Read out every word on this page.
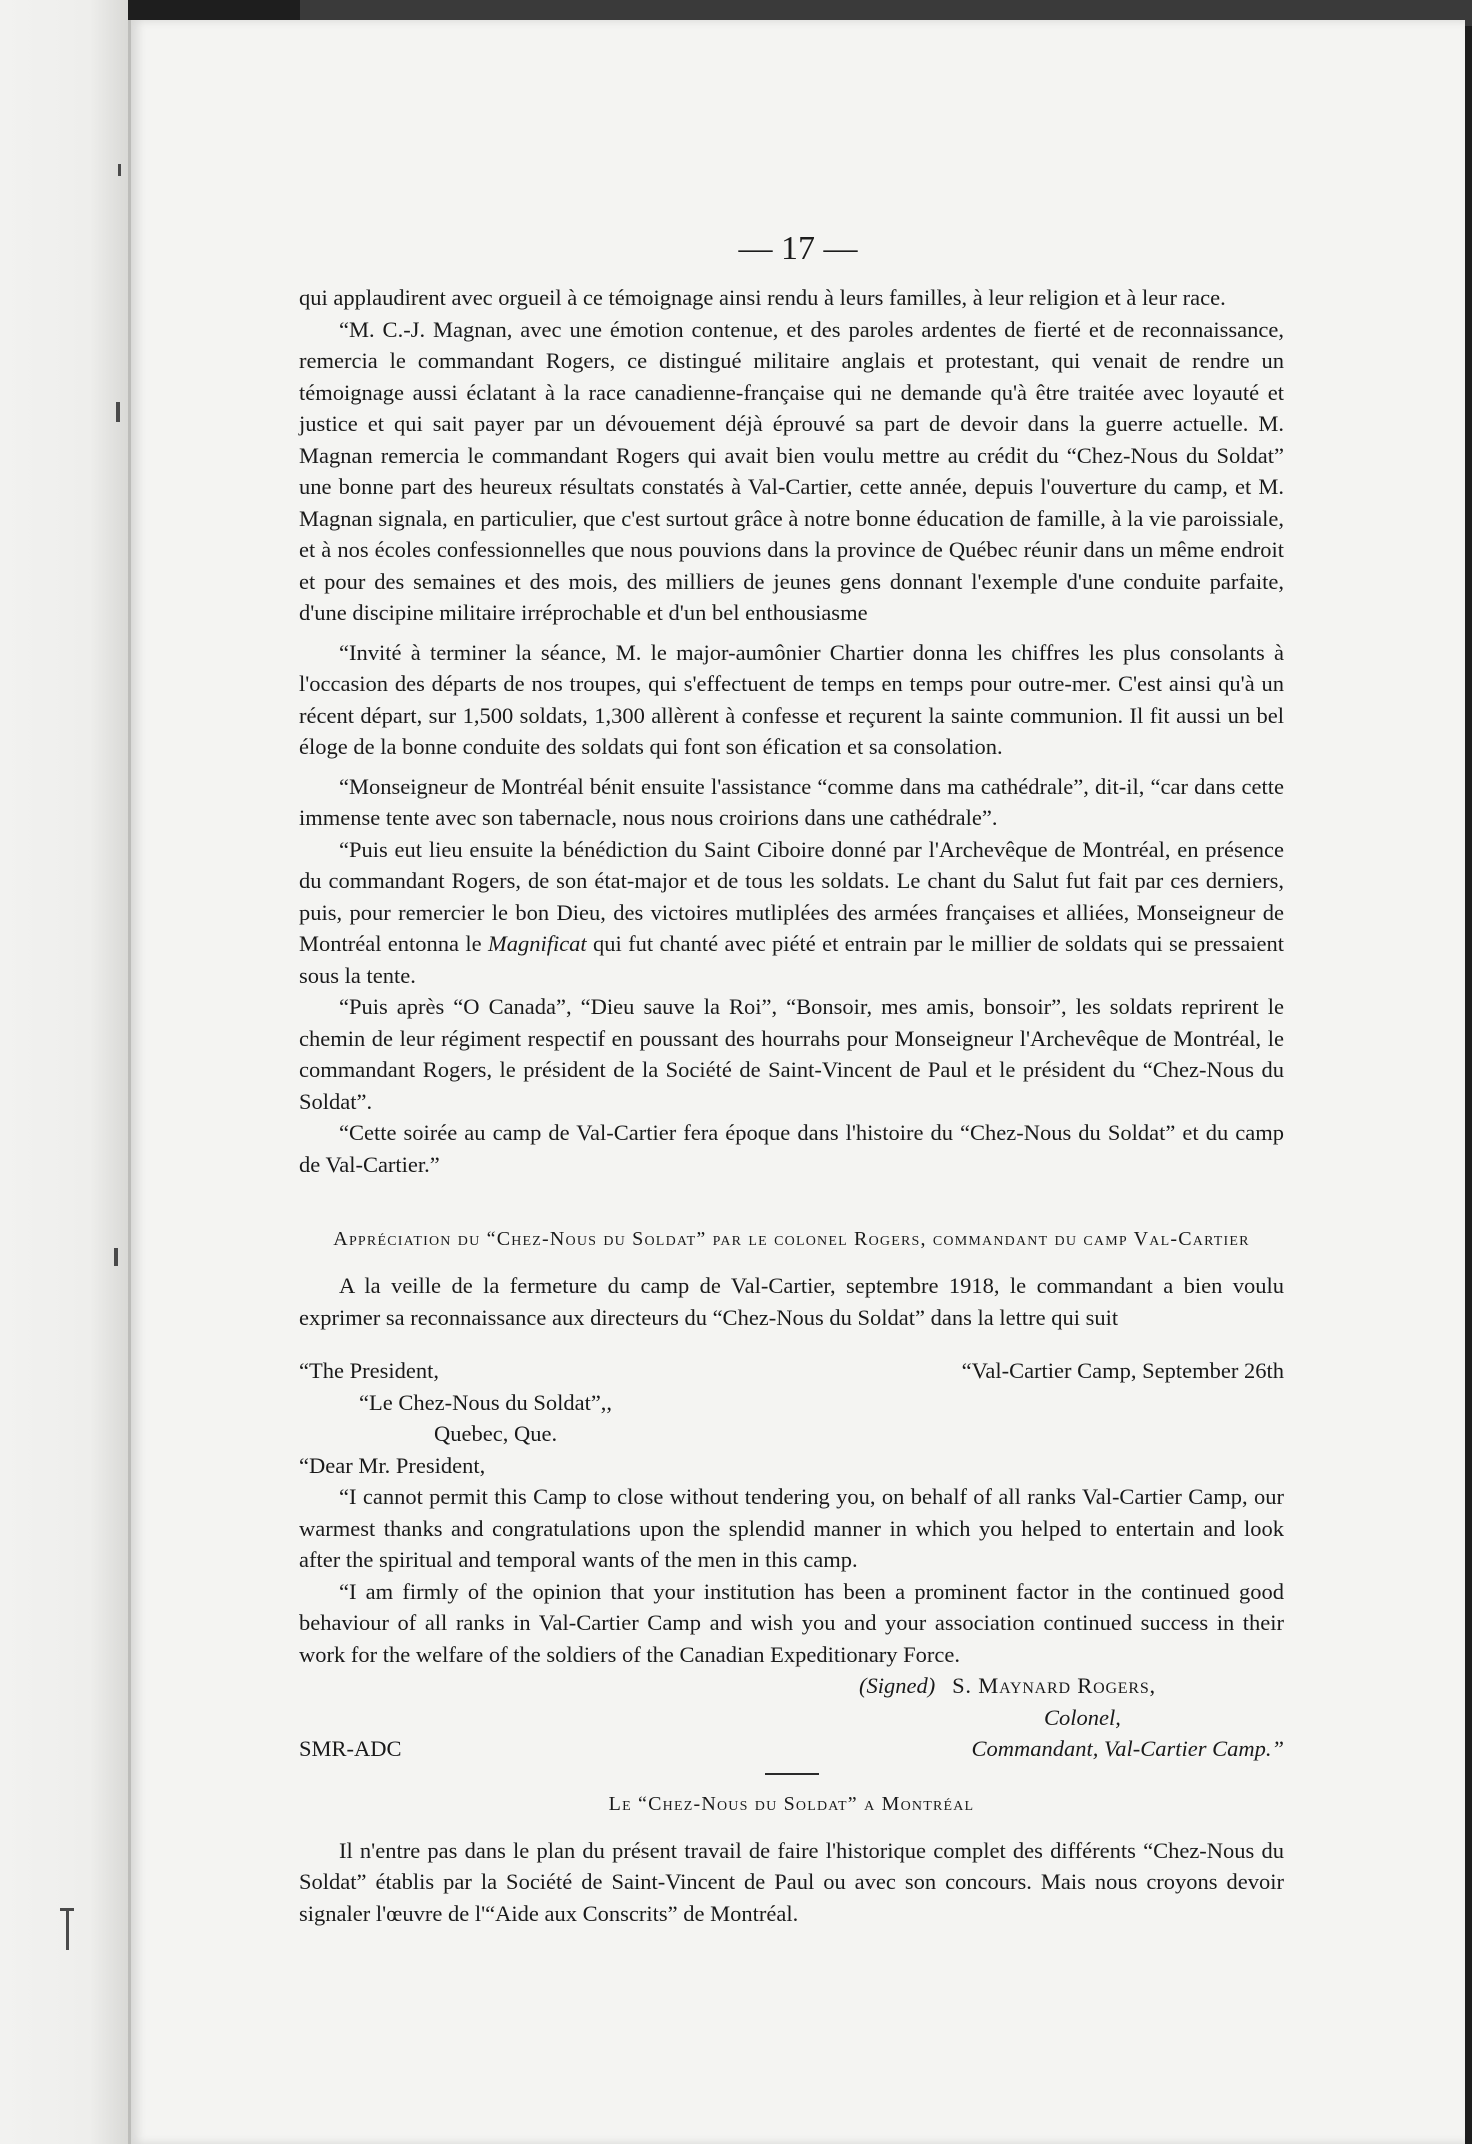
— 17 —

qui applaudirent avec orgueil à ce témoignage ainsi rendu à leurs familles, à leur religion et à leur race.

“M. C.-J. Magnan, avec une émotion contenue, et des paroles ardentes de fierté et de reconnaissance, remercia le commandant Rogers, ce distingué militaire anglais et protestant, qui venait de rendre un témoignage aussi éclatant à la race canadienne-française qui ne demande qu'à être traitée avec loyauté et justice et qui sait payer par un dévouement déjà éprouvé sa part de devoir dans la guerre actuelle. M. Magnan remercia le commandant Rogers qui avait bien voulu mettre au crédit du “Chez-Nous du Soldat” une bonne part des heureux résultats constatés à Val-Cartier, cette année, depuis l'ouverture du camp, et M. Magnan signala, en particulier, que c'est surtout grâce à notre bonne éducation de famille, à la vie paroissiale, et à nos écoles confessionnelles que nous pouvions dans la province de Québec réunir dans un même endroit et pour des semaines et des mois, des milliers de jeunes gens donnant l'exemple d'une conduite parfaite, d'une discipine militaire irréprochable et d'un bel enthousiasme

“Invité à terminer la séance, M. le major-aumônier Chartier donna les chiffres les plus consolants à l'occasion des départs de nos troupes, qui s'effectuent de temps en temps pour outre-mer. C'est ainsi qu'à un récent départ, sur 1,500 soldats, 1,300 allèrent à confesse et reçurent la sainte communion. Il fit aussi un bel éloge de la bonne conduite des soldats qui font son éfication et sa consolation.

“Monseigneur de Montréal bénit ensuite l'assistance “comme dans ma cathédrale”, dit-il, “car dans cette immense tente avec son tabernacle, nous nous croirions dans une cathédrale”.

“Puis eut lieu ensuite la bénédiction du Saint Ciboire donné par l'Archevêque de Montréal, en présence du commandant Rogers, de son état-major et de tous les soldats. Le chant du Salut fut fait par ces derniers, puis, pour remercier le bon Dieu, des victoires mutliplées des armées françaises et alliées, Monseigneur de Montréal entonna le Magnificat qui fut chanté avec piété et entrain par le millier de soldats qui se pressaient sous la tente.

“Puis après “O Canada”, “Dieu sauve la Roi”, “Bonsoir, mes amis, bonsoir”, les soldats reprirent le chemin de leur régiment respectif en poussant des hourrahs pour Monseigneur l'Archevêque de Montréal, le commandant Rogers, le président de la Société de Saint-Vincent de Paul et le président du “Chez-Nous du Soldat”.

“Cette soirée au camp de Val-Cartier fera époque dans l'histoire du “Chez-Nous du Soldat” et du camp de Val-Cartier.”

Appréciation du “Chez-Nous du Soldat” par le colonel Rogers, commandant du camp Val-Cartier

A la veille de la fermeture du camp de Val-Cartier, septembre 1918, le commandant a bien voulu exprimer sa reconnaissance aux directeurs du “Chez-Nous du Soldat” dans la lettre qui suit

“The President,	“Val-Cartier Camp, September 26th
“Le Chez-Nous du Soldat”,,
Quebec, Que.
“Dear Mr. President,

“I cannot permit this Camp to close without tendering you, on behalf of all ranks Val-Cartier Camp, our warmest thanks and congratulations upon the splendid manner in which you helped to entertain and look after the spiritual and temporal wants of the men in this camp.

“I am firmly of the opinion that your institution has been a prominent factor in the continued good behaviour of all ranks in Val-Cartier Camp and wish you and your association continued success in their work for the welfare of the soldiers of the Canadian Expeditionary Force.

(Signed) S. Maynard Rogers,
Colonel,
SMR-ADC	Commandant, Val-Cartier Camp.”

Le “Chez-Nous du Soldat” a Montréal

Il n'entre pas dans le plan du présent travail de faire l'historique complet des différents “Chez-Nous du Soldat” établis par la Société de Saint-Vincent de Paul ou avec son concours. Mais nous croyons devoir signaler l'œuvre de l'“Aide aux Conscrits” de Montréal.
